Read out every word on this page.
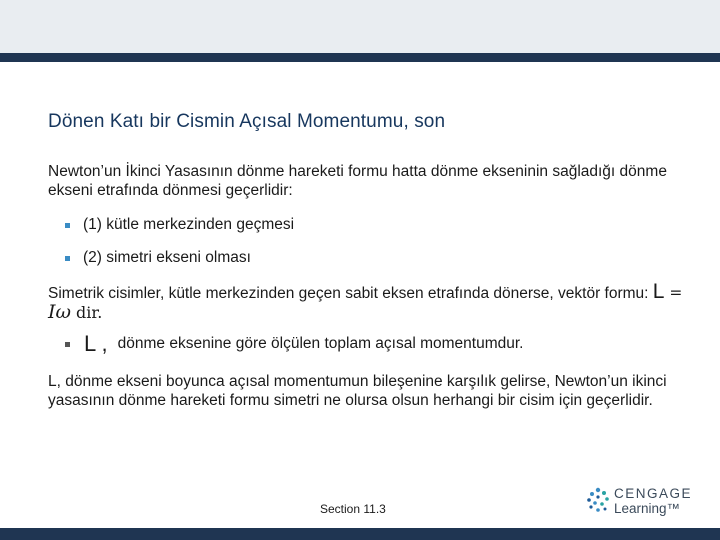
Dönen Katı bir Cismin Açısal Momentumu, son
Newton’un İkinci Yasasının dönme hareketi formu hatta dönme ekseninin sağladığı dönme ekseni etrafında dönmesi geçerlidir:
(1) kütle merkezinden geçmesi
(2) simetri ekseni olması
Simetrik cisimler, kütle merkezinden geçen sabit eksen etrafında dönerse, vektör formu: L = Iω dir.
L , dönme eksenine göre ölçülen toplam açısal momentumdur.
L, dönme ekseni boyunca açısal momentumun bileşenine karşılık gelirse, Newton’un ikinci yasasının dönme hareketi formu simetri ne olursa olsun herhangi bir cisim için geçerlidir.
Section 11.3
CENGAGE
Learning™
